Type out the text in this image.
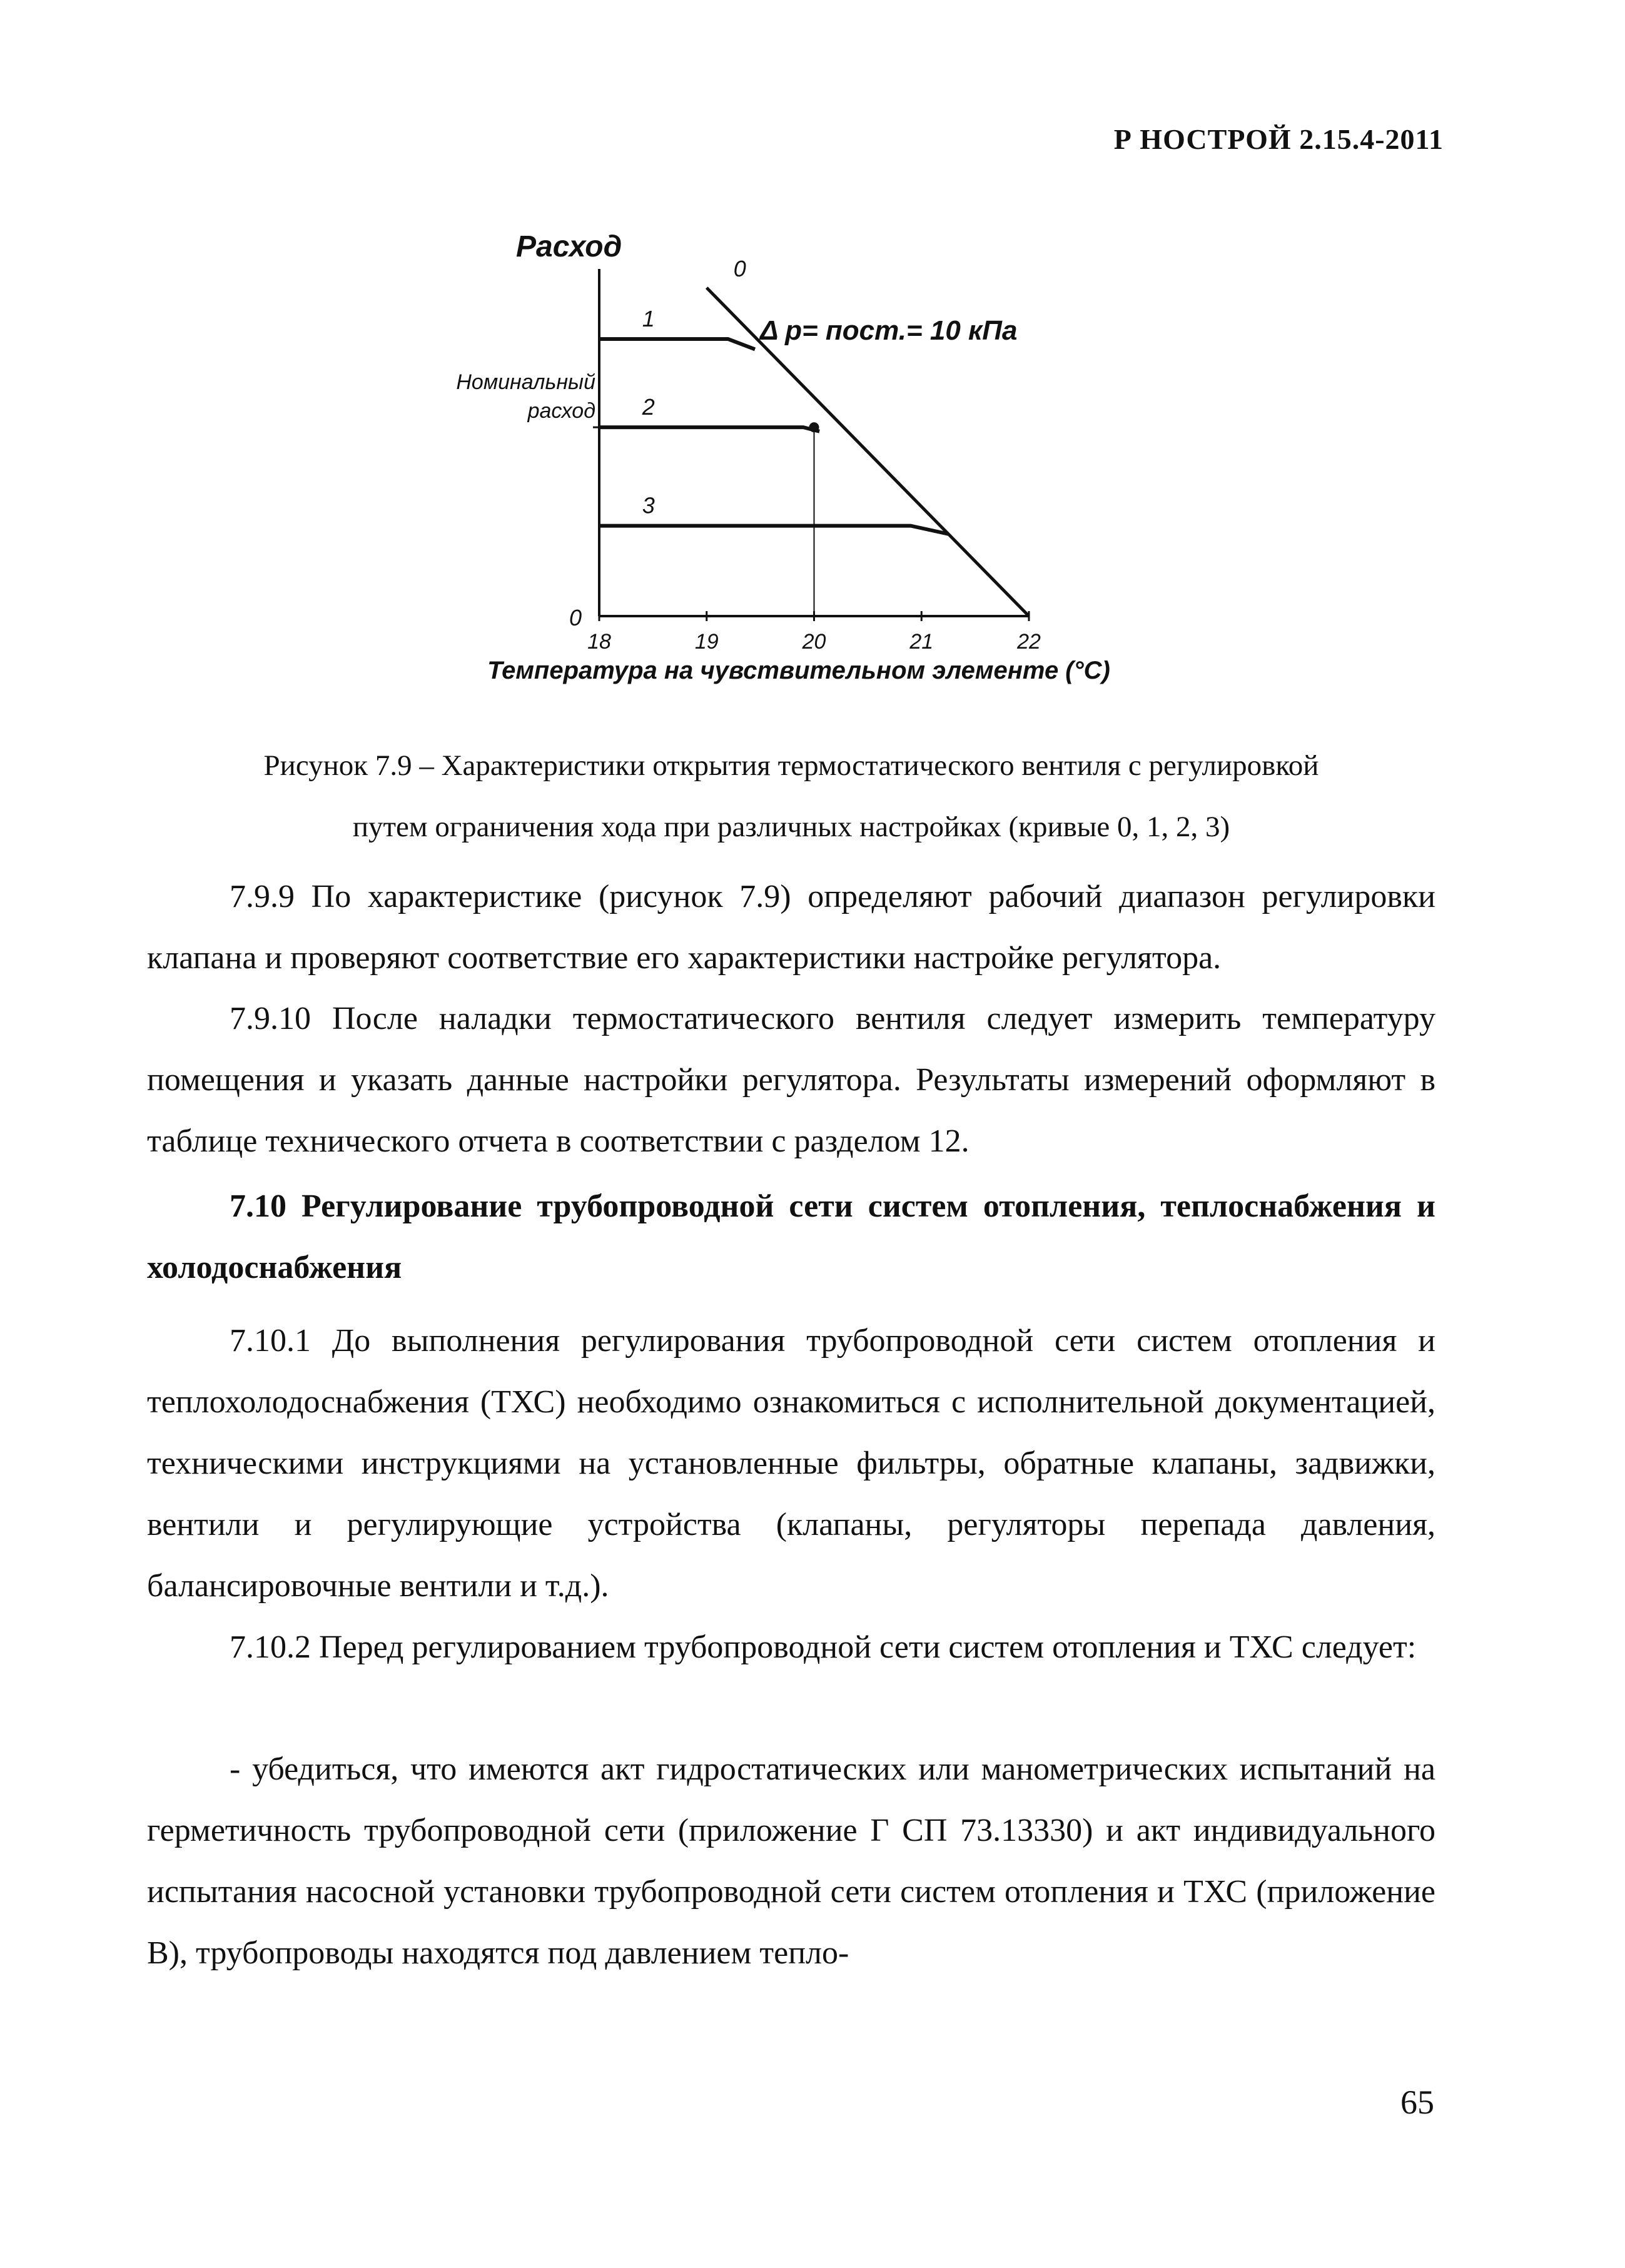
Р НОСТРОЙ 2.15.4-2011
Расход
0
Номинальный
расход
Δ p= пост.= 10 кПа
Температура на чувствительном элементе (°С)
18	19	20	21	22
0
1
2
3
Рисунок 7.9 – Характеристики открытия термостатического вентиля с регулировкой
путем ограничения хода при различных настройках (кривые 0, 1, 2, 3)
7.9.9 По характеристике (рисунок 7.9) определяют рабочий диапазон регулировки клапана и проверяют соответствие его характеристики настройке регулятора.
7.9.10 После наладки термостатического вентиля следует измерить температуру помещения и указать данные настройки регулятора. Результаты измерений оформляют в таблице технического отчета в соответствии с разделом 12.
7.10 Регулирование трубопроводной сети систем отопления, теплоснабжения и холодоснабжения
7.10.1 До выполнения регулирования трубопроводной сети систем отопления и теплохолодоснабжения (ТХС) необходимо ознакомиться с исполнительной документацией, техническими инструкциями на установленные фильтры, обратные клапаны, задвижки, вентили и регулирующие устройства (клапаны, регуляторы перепада давления, балансировочные вентили и т.д.).
7.10.2 Перед регулированием трубопроводной сети систем отопления и ТХС следует:
- убедиться, что имеются акт гидростатических или манометрических испытаний на герметичность трубопроводной сети (приложение Г СП 73.13330) и акт индивидуального испытания насосной установки трубопроводной сети систем отопления и ТХС (приложение В), трубопроводы находятся под давлением тепло-
65
